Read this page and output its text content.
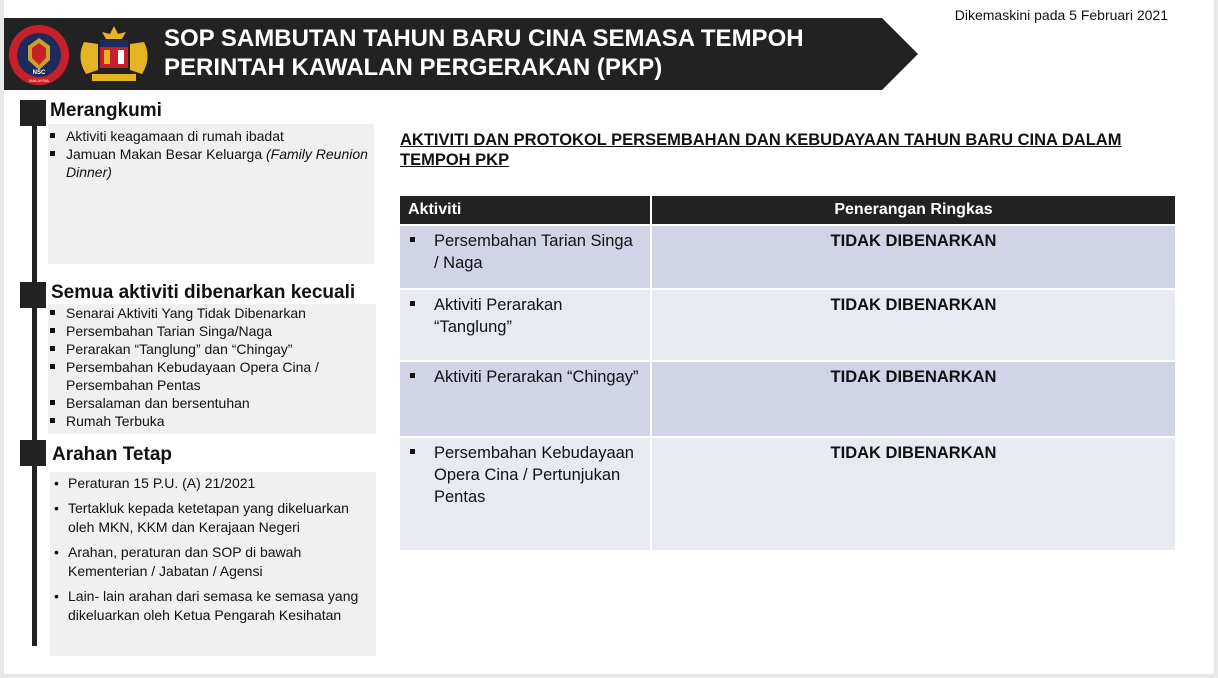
NSC
MALAYSIA
SOP SAMBUTAN TAHUN BARU CINA SEMASA TEMPOH
PERINTAH KAWALAN PERGERAKAN (PKP)
Dikemaskini pada 5 Februari 2021
Merangkumi
Aktiviti keagamaan di rumah ibadat
Jamuan Makan Besar Keluarga (Family Reunion Dinner)
Semua aktiviti dibenarkan kecuali
Senarai Aktiviti Yang Tidak Dibenarkan
Persembahan Tarian Singa/Naga
Perarakan “Tanglung” dan “Chingay”
Persembahan Kebudayaan Opera Cina / Persembahan Pentas
Bersalaman dan bersentuhan
Rumah Terbuka
Arahan Tetap
• Peraturan 15 P.U. (A) 21/2021
• Tertakluk kepada ketetapan yang dikeluarkan oleh MKN, KKM dan Kerajaan Negeri
• Arahan, peraturan dan SOP di bawah Kementerian / Jabatan / Agensi
• Lain- lain arahan dari semasa ke semasa yang dikeluarkan oleh Ketua Pengarah Kesihatan
AKTIVITI DAN PROTOKOL PERSEMBAHAN DAN KEBUDAYAAN TAHUN BARU CINA DALAM TEMPOH PKP
Aktiviti	Penerangan Ringkas

Persembahan Tarian Singa / Naga	TIDAK DIBENARKAN

Aktiviti Perarakan “Tanglung”	TIDAK DIBENARKAN

Aktiviti Perarakan “Chingay”	TIDAK DIBENARKAN

Persembahan Kebudayaan Opera Cina / Pertunjukan Pentas	TIDAK DIBENARKAN
